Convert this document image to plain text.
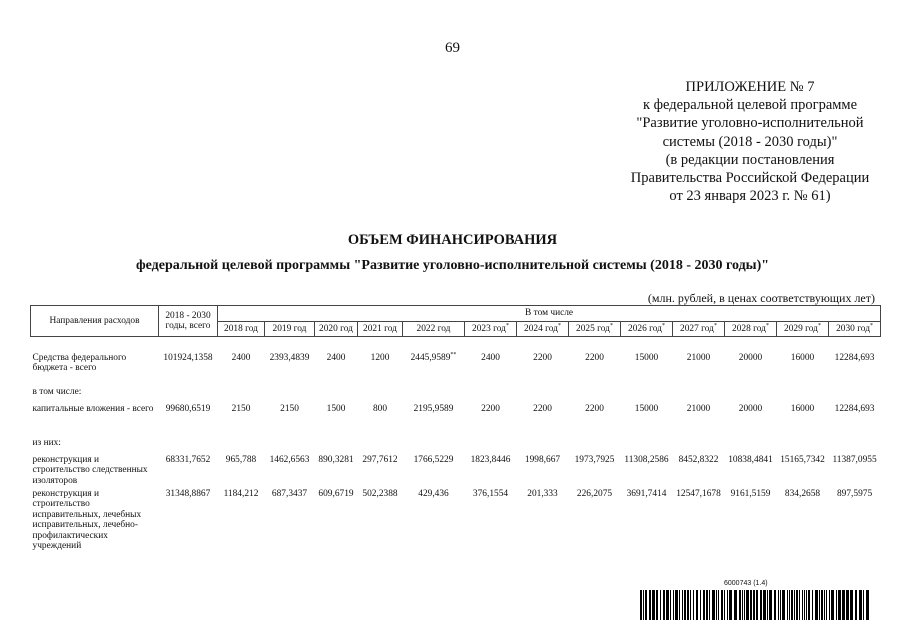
69
ПРИЛОЖЕНИЕ № 7
к федеральной целевой программе
"Развитие уголовно-исполнительной
системы (2018 - 2030 годы)"
(в редакции постановления
Правительства Российской Федерации
от 23 января 2023 г. № 61)
ОБЪЕМ ФИНАНСИРОВАНИЯ
федеральной целевой программы "Развитие уголовно-исполнительной системы (2018 - 2030 годы)"
(млн. рублей, в ценах соответствующих лет)
Направления расходов	2018 - 2030 годы, всего	В том числе												
		2018 год	2019 год	2020 год	2021 год	2022 год	2023 год*	2024 год*	2025 год*	2026 год*	2027 год*	2028 год*	2029 год*	2030 год*

Средства федерального бюджета - всего	101924,1358	2400	2393,4839	2400	1200	2445,9589**	2400	2200	2200	15000	21000	20000	16000	12284,693
в том числе:														
капитальные вложения - всего	99680,6519	2150	2150	1500	800	2195,9589	2200	2200	2200	15000	21000	20000	16000	12284,693
из них:														
реконструкция и строительство следственных изоляторов	68331,7652	965,788	1462,6563	890,3281	297,7612	1766,5229	1823,8446	1998,667	1973,7925	11308,2586	8452,8322	10838,4841	15165,7342	11387,0955
реконструкция и строительство исправительных, лечебных исправительных, лечебно-профилактических учреждений	31348,8867	1184,212	687,3437	609,6719	502,2388	429,436	376,1554	201,333	226,2075	3691,7414	12547,1678	9161,5159	834,2658	897,5975
6000743 (1.4)
